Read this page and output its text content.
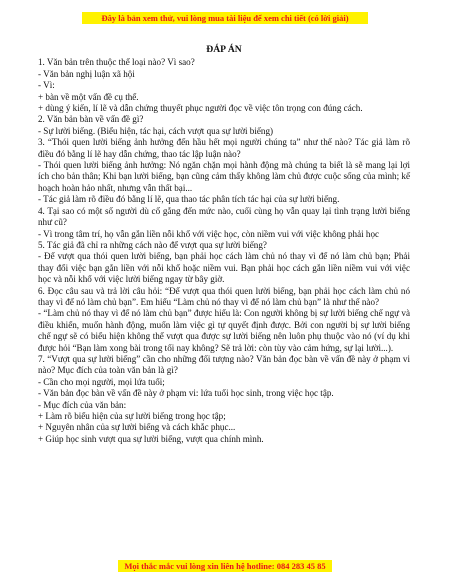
Đây là bản xem thử, vui lòng mua tài liệu để xem chi tiết (có lời giải)
ĐÁP ÁN

1. Văn bản trên thuộc thể loại nào? Vì sao?

- Văn bản nghị luận xã hội

- Vì:

+ bàn về một vấn đề cụ thể.

+ dùng ý kiến, lí lẽ và dẫn chứng thuyết phục người đọc về việc tôn trọng con đúng cách.

2. Văn bản bàn về vấn đề gì?

- Sự lười biếng. (Biểu hiện, tác hại, cách vượt qua sự lười biếng)

3. “Thói quen lười biếng ảnh hưởng đến hầu hết mọi người chúng ta” như thế nào? Tác giả làm rõ điều đó bằng lí lẽ hay dẫn chứng, thao tác lập luận nào?

- Thói quen lười biếng ảnh hưởng: Nó ngăn chặn mọi hành động mà chúng ta biết là sẽ mang lại lợi ích cho bản thân; Khi bạn lười biếng, bạn cũng cảm thấy không làm chủ được cuộc sống của mình; kế hoạch hoàn hảo nhất, nhưng vẫn thất bại...

- Tác giả làm rõ điều đó bằng lí lẽ, qua thao tác phân tích tác hại của sự lười biếng.

4. Tại sao có một số người dù cố gắng đến mức nào, cuối cùng họ vẫn quay lại tình trạng lười biếng như cũ?

- Vì trong tâm trí, họ vẫn gắn liền nỗi khổ với việc học, còn niềm vui với việc không phải học

5. Tác giả đã chỉ ra những cách nào để vượt qua sự lười biếng?

- Để vượt qua thói quen lười biếng, bạn phải học cách làm chủ nó thay vì để nó làm chủ bạn; Phải thay đổi việc bạn gắn liền với nỗi khổ hoặc niềm vui. Bạn phải học cách gắn liền niềm vui với việc học và nỗi khổ với việc lười biếng ngay từ bây giờ.

6. Đọc câu sau và trả lời câu hỏi: “Để vượt qua thói quen lười biếng, bạn phải học cách làm chủ nó thay vì để nó làm chủ bạn”. Em hiểu “Làm chủ nó thay vì để nó làm chủ bạn” là như thế nào?

- “Làm chủ nó thay vì để nó làm chủ bạn” được hiểu là: Con người không bị sự lười biếng chế ngự và điều khiển, muốn hành động, muốn làm việc gì tự quyết định được. Bởi con người bị sự lười biếng chế ngự sẽ có biểu hiện không thể vượt qua được sự lười biếng nên luôn phụ thuộc vào nó (ví dụ khi được hỏi “Bạn làm xong bài trong tối nay không? Sẽ trả lời: còn tùy vào cảm hứng, sự lại lười...).

7. “Vượt qua sự lười biếng” cần cho những đối tượng nào? Văn bản đọc bàn về vấn đề này ở phạm vi nào? Mục đích của toàn văn bản là gì?

- Cần cho mọi người, mọi lứa tuổi;

- Văn bản đọc bàn về vấn đề này ở phạm vi: lứa tuổi học sinh, trong việc học tập.

- Mục đích của văn bản:

+ Làm rõ biểu hiện của sự lười biếng trong học tập;

+ Nguyên nhân của sự lười biếng và cách khắc phục...

+ Giúp học sinh vượt qua sự lười biếng, vượt qua chính mình.

Mọi thắc mắc vui lòng xin liên hệ hotline: 084 283 45 85
